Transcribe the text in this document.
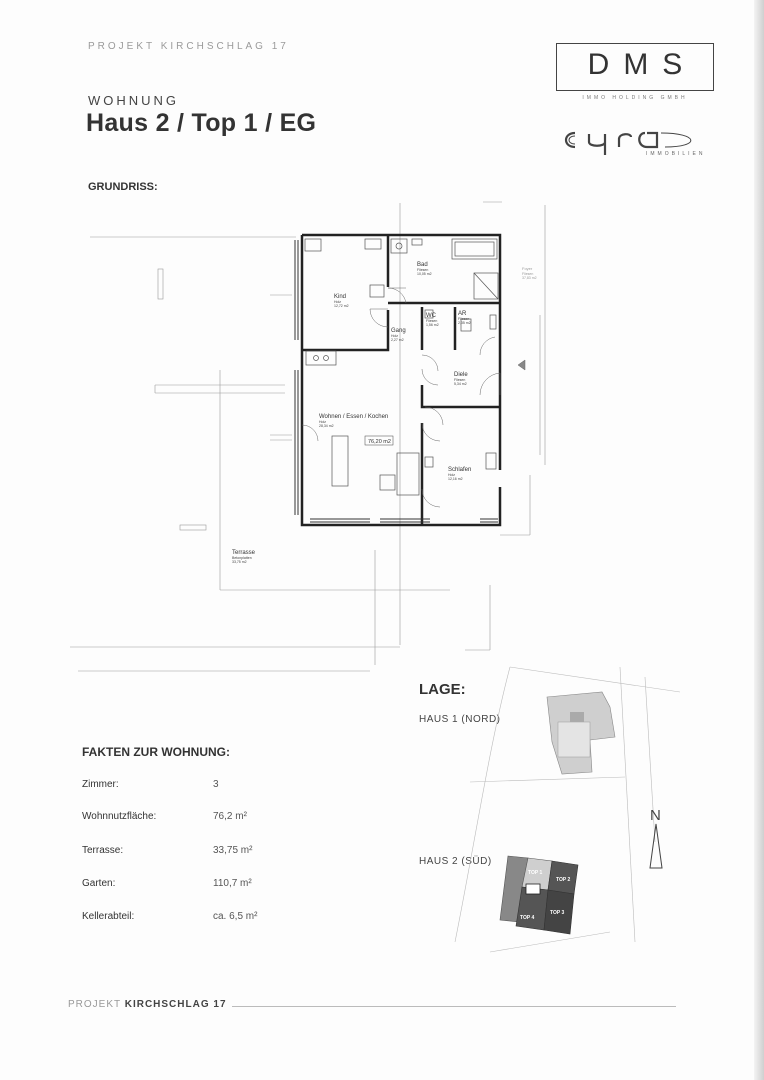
PROJEKT KIRCHSCHLAG 17
WOHNUNG
Haus 2 / Top 1 / EG
DMS
IMMO HOLDING GMBH
IMMOBILIEN
GRUNDRISS:
Kind
Holz
12,72 m2
Bad
Fliesen
10,05 m2
Gang
Holz
2,27 m2
WC
Fliesen
1,56 m2
AR
Fliesen
2,35 m2
Diele
Fliesen
5,34 m2
Wohnen / Essen / Kochen
Holz
28,34 m2
76,20 m2
Schlafen
Holz
12,16 m2
Terrasse
Betonplatten
33,75 m2
Foyer
Fliesen
37,83 m2
LAGE:
HAUS 1 (NORD)
HAUS 2 (SÜD)
TOP 1
TOP 2
TOP 3
TOP 4
N
FAKTEN ZUR WOHNUNG:
Zimmer:	3
Wohnnutzfläche:	76,2 m²
Terrasse:	33,75 m²
Garten:	110,7 m²
Kellerabteil:	ca. 6,5 m²
PROJEKT KIRCHSCHLAG 17
